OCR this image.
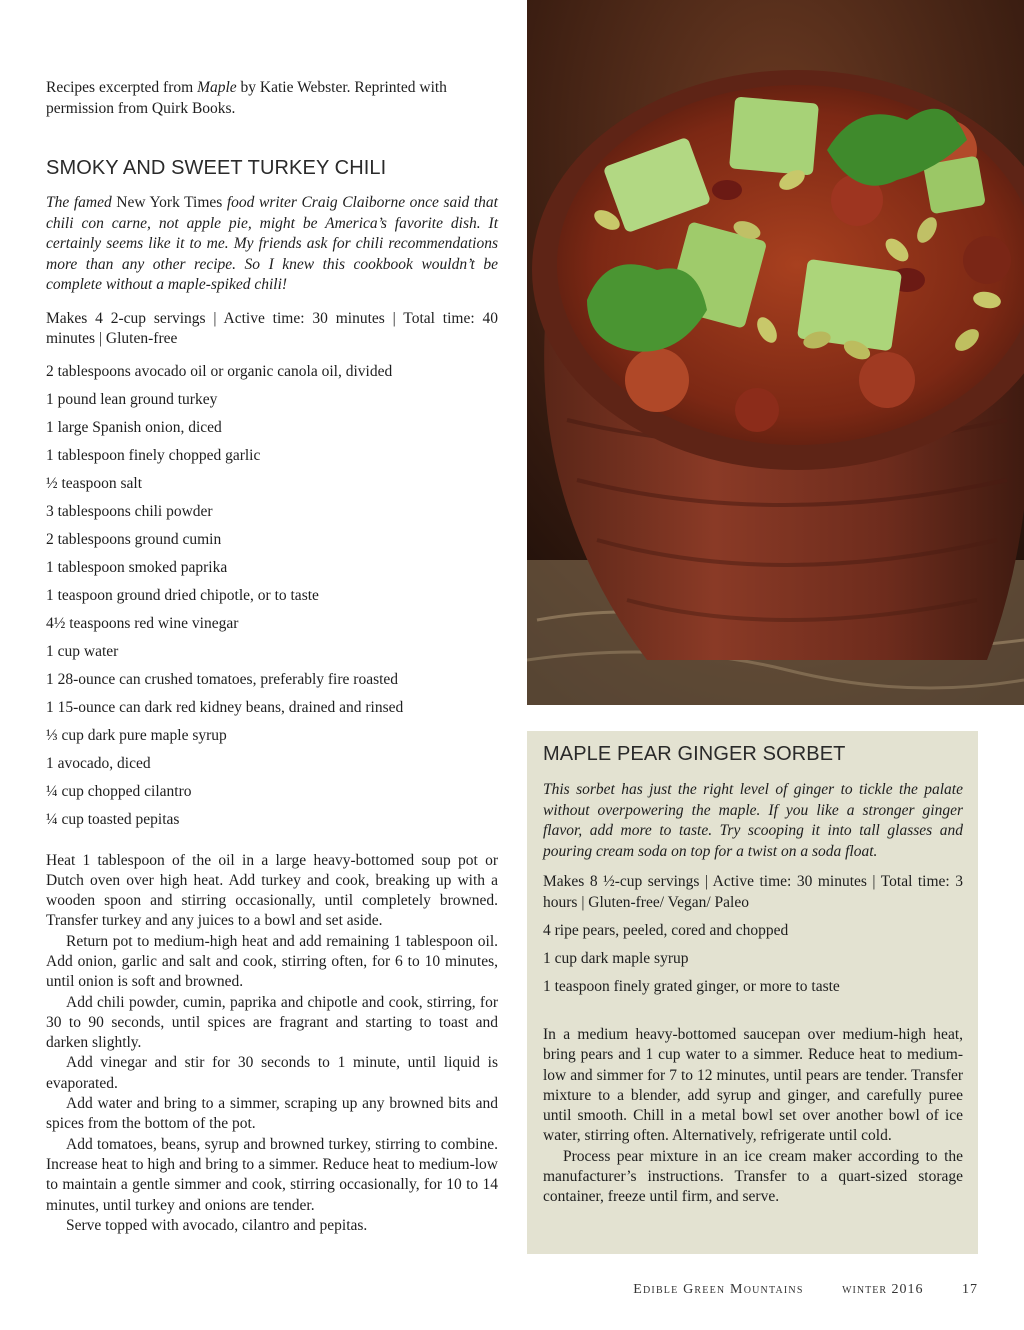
Recipes excerpted from Maple by Katie Webster. Reprinted with permission from Quirk Books.

SMOKY AND SWEET TURKEY CHILI

The famed New York Times food writer Craig Claiborne once said that chili con carne, not apple pie, might be America’s favorite dish. It certainly seems like it to me. My friends ask for chili recommendations more than any other recipe. So I knew this cookbook wouldn’t be complete without a maple-spiked chili!

Makes 4 2-cup servings | Active time: 30 minutes | Total time: 40 minutes | Gluten-free

2 tablespoons avocado oil or organic canola oil, divided
1 pound lean ground turkey
1 large Spanish onion, diced
1 tablespoon finely chopped garlic
½ teaspoon salt
3 tablespoons chili powder
2 tablespoons ground cumin
1 tablespoon smoked paprika
1 teaspoon ground dried chipotle, or to taste
4½ teaspoons red wine vinegar
1 cup water
1 28-ounce can crushed tomatoes, preferably fire roasted
1 15-ounce can dark red kidney beans, drained and rinsed
⅓ cup dark pure maple syrup
1 avocado, diced
¼ cup chopped cilantro
¼ cup toasted pepitas

Heat 1 tablespoon of the oil in a large heavy-bottomed soup pot or Dutch oven over high heat. Add turkey and cook, breaking up with a wooden spoon and stirring occasionally, until completely browned. Transfer turkey and any juices to a bowl and set aside.

Return pot to medium-high heat and add remaining 1 tablespoon oil. Add onion, garlic and salt and cook, stirring often, for 6 to 10 minutes, until onion is soft and browned.

Add chili powder, cumin, paprika and chipotle and cook, stirring, for 30 to 90 seconds, until spices are fragrant and starting to toast and darken slightly.

Add vinegar and stir for 30 seconds to 1 minute, until liquid is evaporated.

Add water and bring to a simmer, scraping up any browned bits and spices from the bottom of the pot.

Add tomatoes, beans, syrup and browned turkey, stirring to combine. Increase heat to high and bring to a simmer. Reduce heat to medium-low to maintain a gentle simmer and cook, stirring occasionally, for 10 to 14 minutes, until turkey and onions are tender.

Serve topped with avocado, cilantro and pepitas.

MAPLE PEAR GINGER SORBET

This sorbet has just the right level of ginger to tickle the palate without overpowering the maple. If you like a stronger ginger flavor, add more to taste. Try scooping it into tall glasses and pouring cream soda on top for a twist on a soda float.

Makes 8 ½-cup servings | Active time: 30 minutes | Total time: 3 hours | Gluten-free/ Vegan/ Paleo

4 ripe pears, peeled, cored and chopped
1 cup dark maple syrup
1 teaspoon finely grated ginger, or more to taste

In a medium heavy-bottomed saucepan over medium-high heat, bring pears and 1 cup water to a simmer. Reduce heat to medium-low and simmer for 7 to 12 minutes, until pears are tender. Transfer mixture to a blender, add syrup and ginger, and carefully puree until smooth. Chill in a metal bowl set over another bowl of ice water, stirring often. Alternatively, refrigerate until cold.

Process pear mixture in an ice cream maker according to the manufacturer’s instructions. Transfer to a quart-sized storage container, freeze until firm, and serve.

Edible Green Mountains	winter 2016	17
